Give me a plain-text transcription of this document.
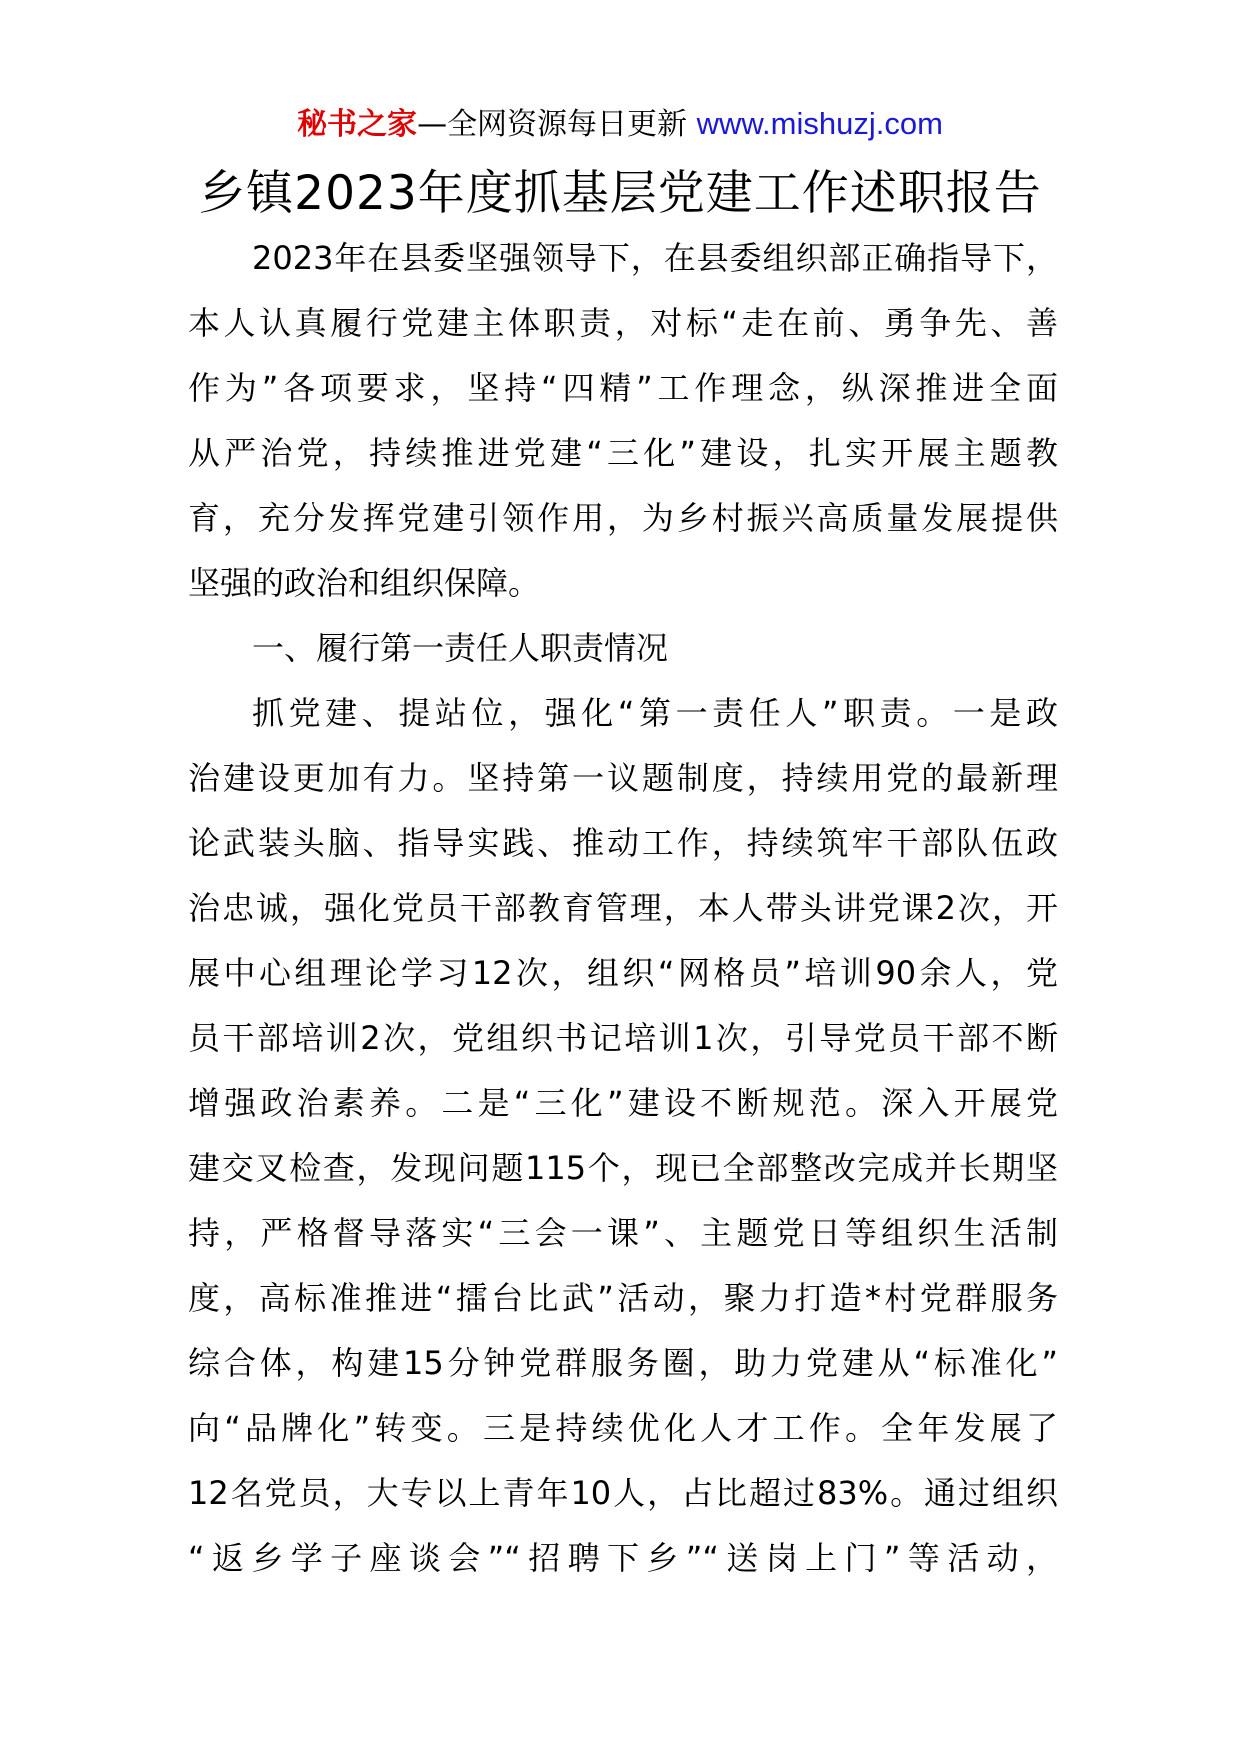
秘书之家—全网资源每日更新 www.mishuzj.com
乡镇2023年度抓基层党建工作述职报告
2023年在县委坚强领导下，在县委组织部正确指导下，
本人认真履行党建主体职责，对标“走在前、勇争先、善
作为”各项要求，坚持“四精”工作理念，纵深推进全面
从严治党，持续推进党建“三化”建设，扎实开展主题教
育，充分发挥党建引领作用，为乡村振兴高质量发展提供
坚强的政治和组织保障。
一、履行第一责任人职责情况
抓党建、提站位，强化“第一责任人”职责。一是政
治建设更加有力。坚持第一议题制度，持续用党的最新理
论武装头脑、指导实践、推动工作，持续筑牢干部队伍政
治忠诚，强化党员干部教育管理，本人带头讲党课2次，开
展中心组理论学习12次，组织“网格员”培训90余人，党
员干部培训2次，党组织书记培训1次，引导党员干部不断
增强政治素养。二是“三化”建设不断规范。深入开展党
建交叉检查，发现问题115个，现已全部整改完成并长期坚
持，严格督导落实“三会一课”、主题党日等组织生活制
度，高标准推进“擂台比武”活动，聚力打造*村党群服务
综合体，构建15分钟党群服务圈，助力党建从“标准化”
向“品牌化”转变。三是持续优化人才工作。全年发展了
12名党员，大专以上青年10人，占比超过83%。通过组织
“返乡学子座谈会”“招聘下乡”“送岗上门”等活动，
